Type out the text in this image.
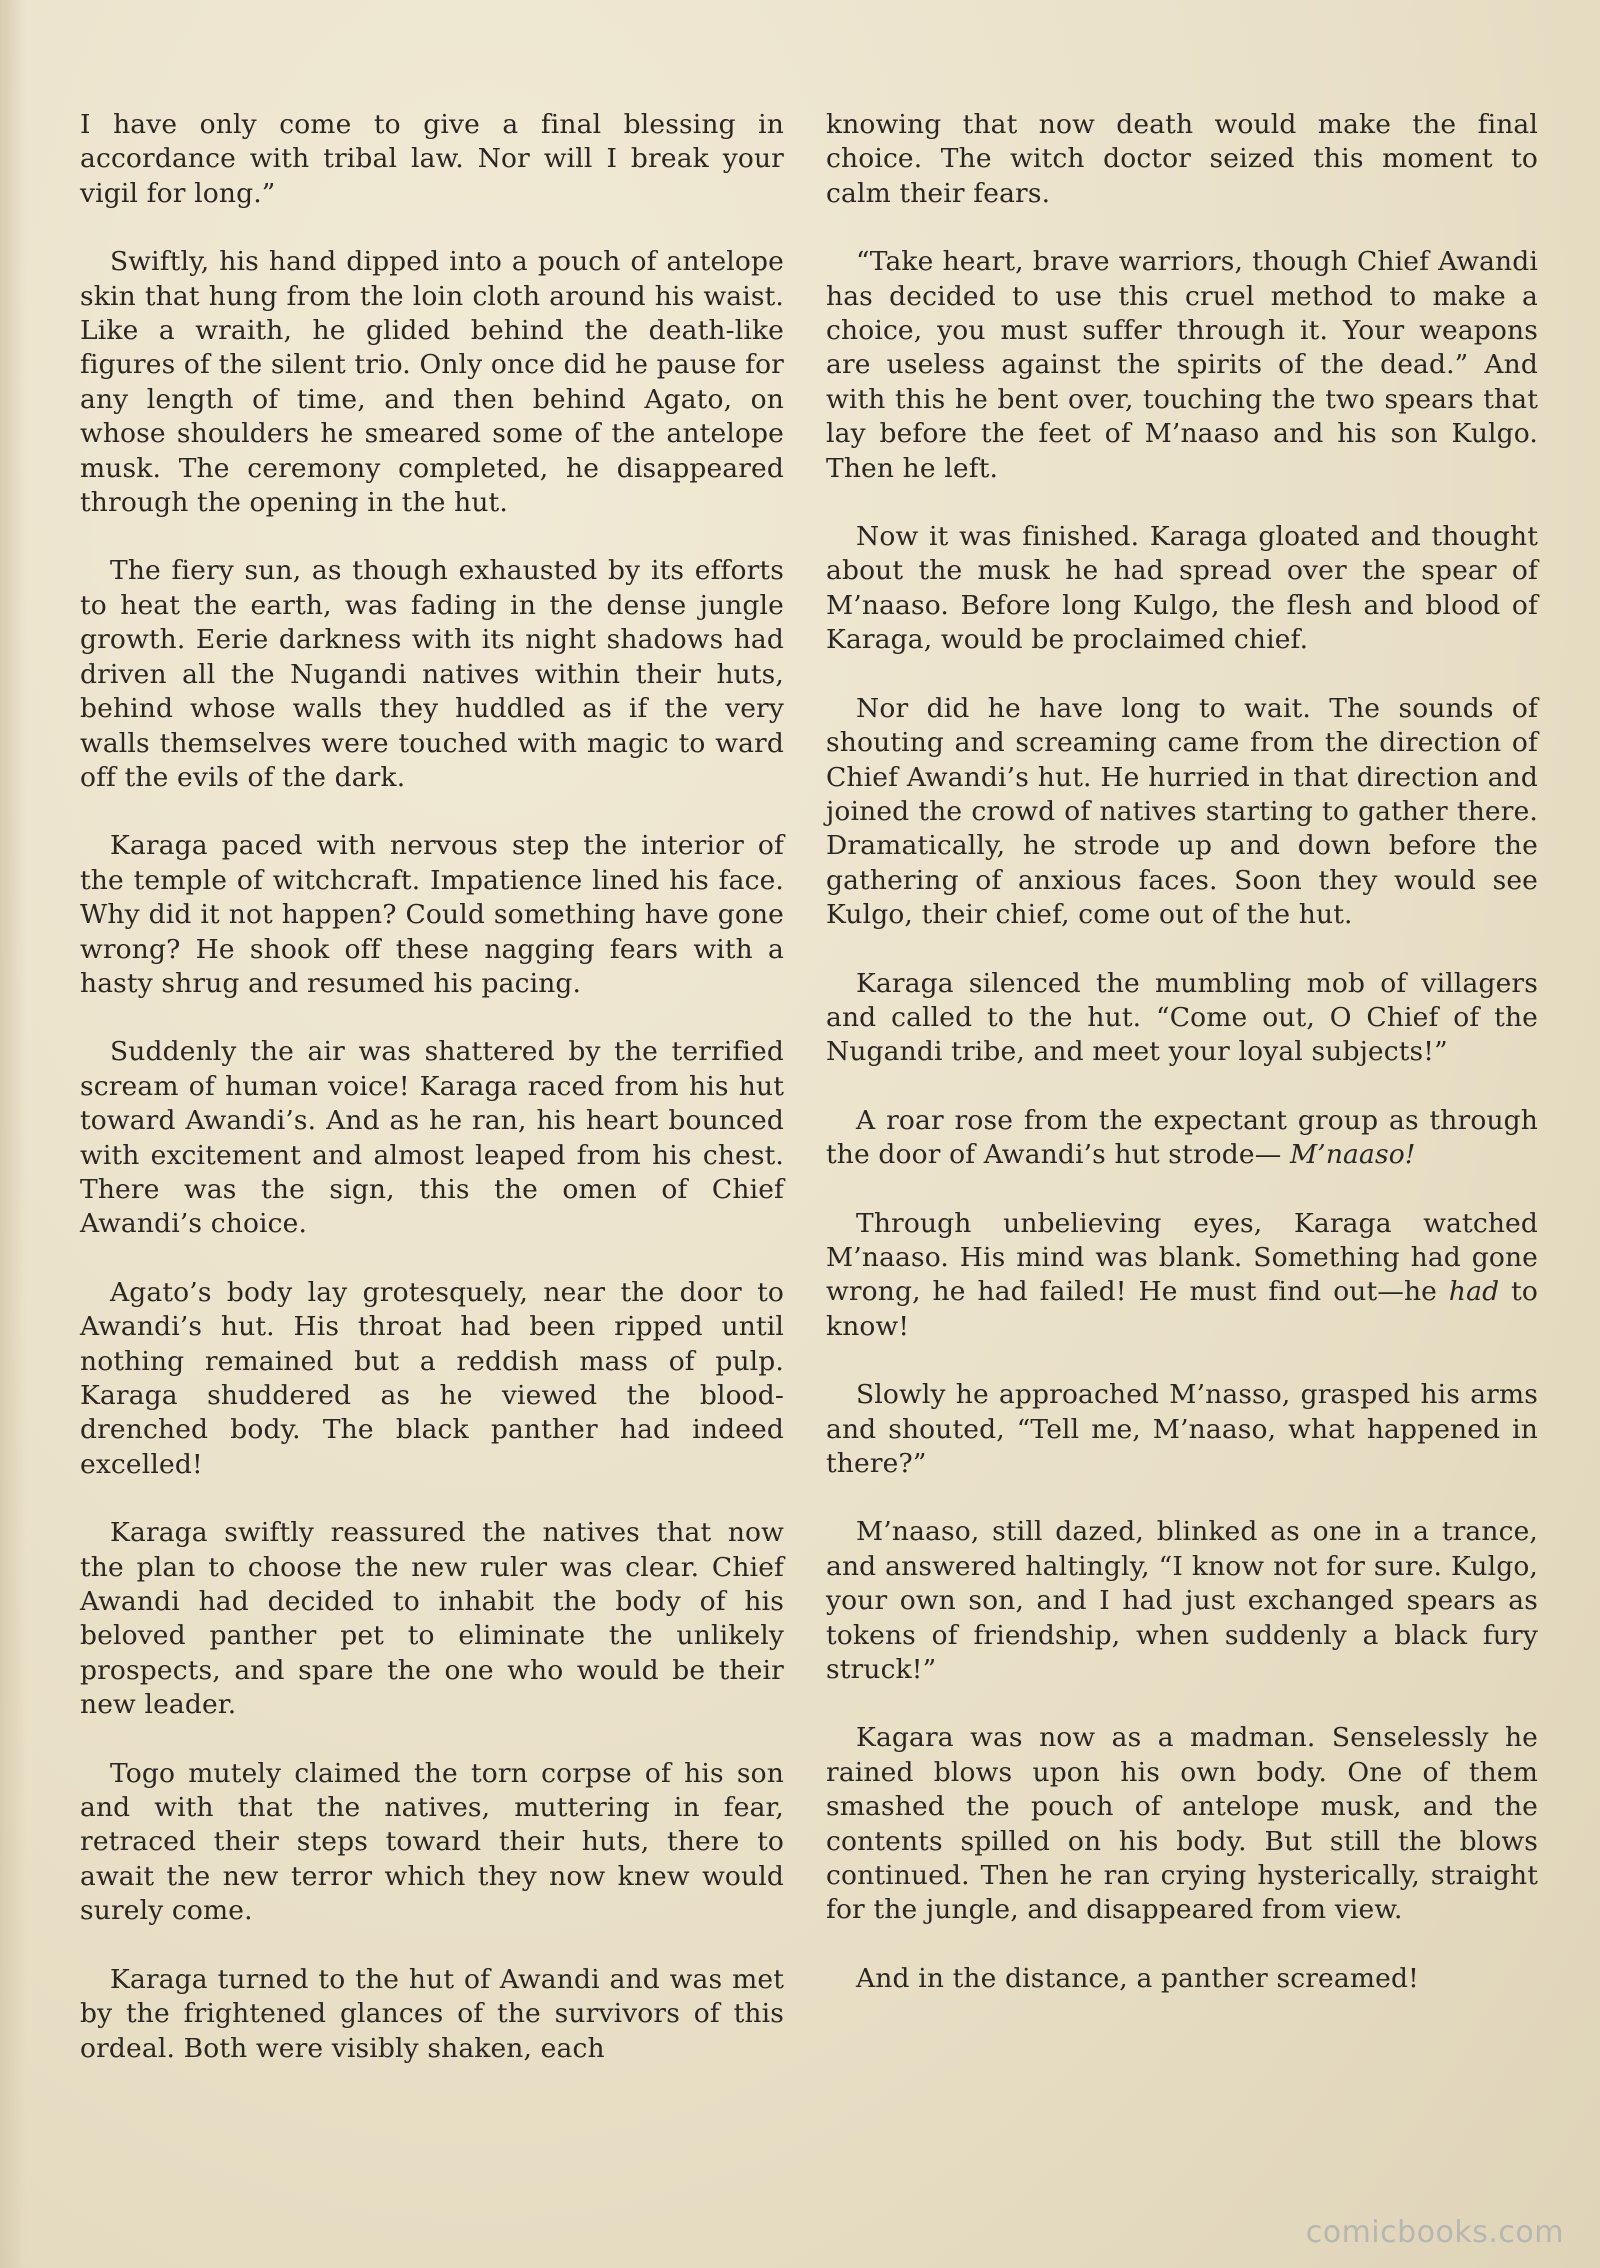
I have only come to give a final blessing in accordance with tribal law. Nor will I break your vigil for long.”

Swiftly, his hand dipped into a pouch of antelope skin that hung from the loin cloth around his waist. Like a wraith, he glided behind the death-like figures of the silent trio. Only once did he pause for any length of time, and then behind Agato, on whose shoulders he smeared some of the antelope musk. The ceremony completed, he disappeared through the opening in the hut.

The fiery sun, as though exhausted by its efforts to heat the earth, was fading in the dense jungle growth. Eerie darkness with its night shadows had driven all the Nugandi natives within their huts, behind whose walls they huddled as if the very walls themselves were touched with magic to ward off the evils of the dark.

Karaga paced with nervous step the interior of the temple of witchcraft. Impatience lined his face. Why did it not happen? Could something have gone wrong? He shook off these nagging fears with a hasty shrug and resumed his pacing.

Suddenly the air was shattered by the terrified scream of human voice! Karaga raced from his hut toward Awandi’s. And as he ran, his heart bounced with excitement and almost leaped from his chest. There was the sign, this the omen of Chief Awandi’s choice.

Agato’s body lay grotesquely, near the door to Awandi’s hut. His throat had been ripped until nothing remained but a reddish mass of pulp. Karaga shuddered as he viewed the blood-drenched body. The black panther had indeed excelled!

Karaga swiftly reassured the natives that now the plan to choose the new ruler was clear. Chief Awandi had decided to inhabit the body of his beloved panther pet to eliminate the unlikely prospects, and spare the one who would be their new leader.

Togo mutely claimed the torn corpse of his son and with that the natives, muttering in fear, retraced their steps toward their huts, there to await the new terror which they now knew would surely come.

Karaga turned to the hut of Awandi and was met by the frightened glances of the survivors of this ordeal. Both were visibly shaken, each

knowing that now death would make the final choice. The witch doctor seized this moment to calm their fears.

“Take heart, brave warriors, though Chief Awandi has decided to use this cruel method to make a choice, you must suffer through it. Your weapons are useless against the spirits of the dead.” And with this he bent over, touching the two spears that lay before the feet of M’naaso and his son Kulgo. Then he left.

Now it was finished. Karaga gloated and thought about the musk he had spread over the spear of M’naaso. Before long Kulgo, the flesh and blood of Karaga, would be proclaimed chief.

Nor did he have long to wait. The sounds of shouting and screaming came from the direction of Chief Awandi’s hut. He hurried in that direction and joined the crowd of natives starting to gather there. Dramatically, he strode up and down before the gathering of anxious faces. Soon they would see Kulgo, their chief, come out of the hut.

Karaga silenced the mumbling mob of villagers and called to the hut. “Come out, O Chief of the Nugandi tribe, and meet your loyal subjects!”

A roar rose from the expectant group as through the door of Awandi’s hut strode— M’naaso!

Through unbelieving eyes, Karaga watched M’naaso. His mind was blank. Something had gone wrong, he had failed! He must find out—he had to know!

Slowly he approached M’nasso, grasped his arms and shouted, “Tell me, M’naaso, what happened in there?”

M’naaso, still dazed, blinked as one in a trance, and answered haltingly, “I know not for sure. Kulgo, your own son, and I had just exchanged spears as tokens of friendship, when suddenly a black fury struck!”

Kagara was now as a madman. Senselessly he rained blows upon his own body. One of them smashed the pouch of antelope musk, and the contents spilled on his body. But still the blows continued. Then he ran crying hysterically, straight for the jungle, and disappeared from view.

And in the distance, a panther screamed!

comicbooks.com
